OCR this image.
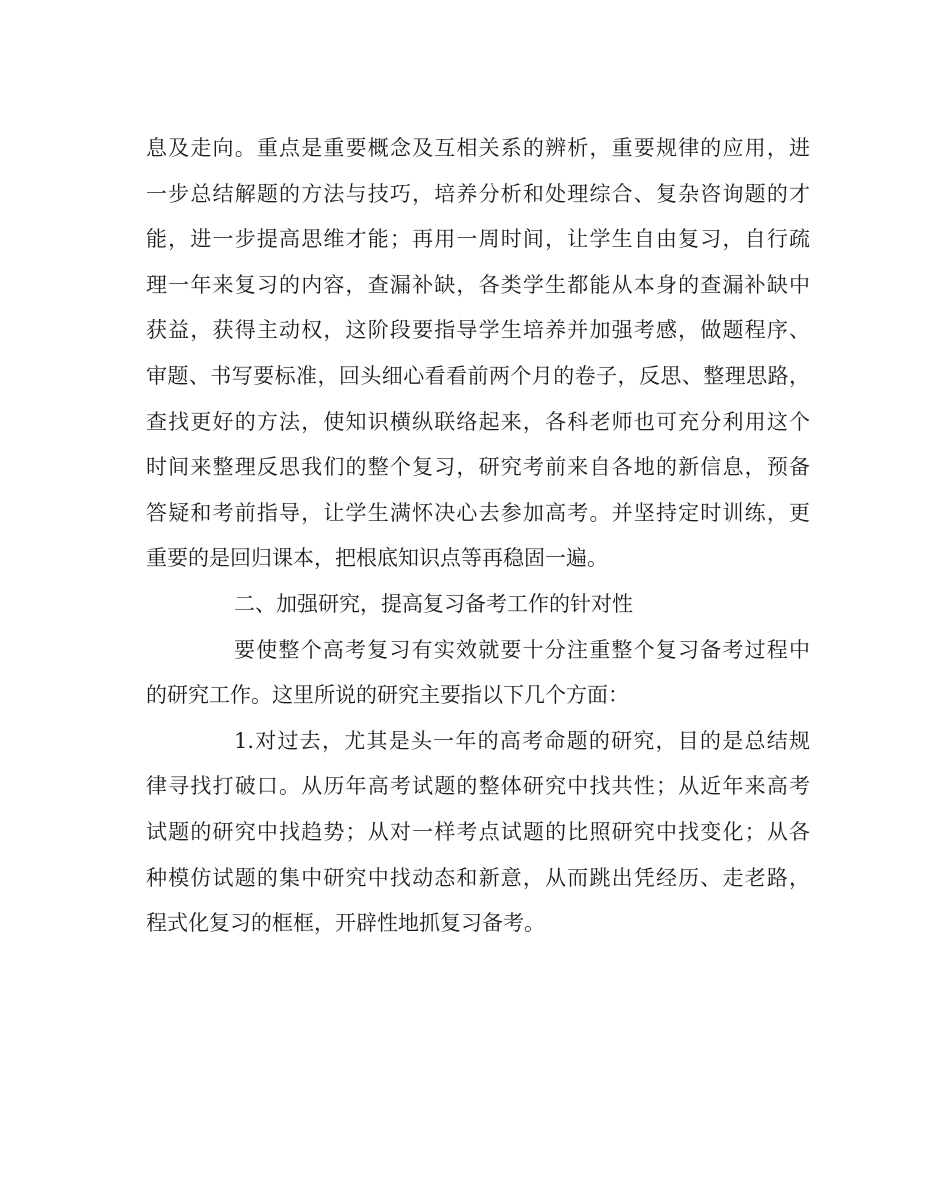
息及走向。重点是重要概念及互相关系的辨析，重要规律的应用，进
一步总结解题的方法与技巧，培养分析和处理综合、复杂咨询题的才
能，进一步提高思维才能；再用一周时间，让学生自由复习，自行疏
理一年来复习的内容，查漏补缺，各类学生都能从本身的查漏补缺中
获益，获得主动权，这阶段要指导学生培养并加强考感，做题程序、
审题、书写要标准，回头细心看看前两个月的卷子，反思、整理思路，
查找更好的方法，使知识横纵联络起来，各科老师也可充分利用这个
时间来整理反思我们的整个复习，研究考前来自各地的新信息，预备
答疑和考前指导，让学生满怀决心去参加高考。并坚持定时训练，更
重要的是回归课本，把根底知识点等再稳固一遍。
二、加强研究，提高复习备考工作的针对性
要使整个高考复习有实效就要十分注重整个复习备考过程中
的研究工作。这里所说的研究主要指以下几个方面：
1.对过去，尤其是头一年的高考命题的研究，目的是总结规
律寻找打破口。从历年高考试题的整体研究中找共性；从近年来高考
试题的研究中找趋势；从对一样考点试题的比照研究中找变化；从各
种模仿试题的集中研究中找动态和新意，从而跳出凭经历、走老路，
程式化复习的框框，开辟性地抓复习备考。
